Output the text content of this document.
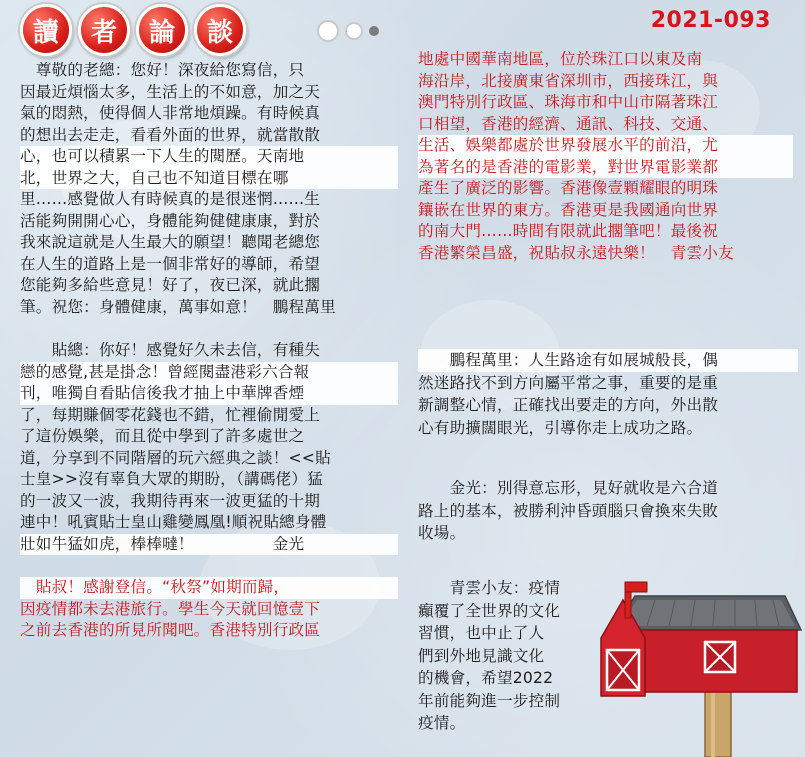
讀	者	論	談	2021-093
　尊敬的老總：您好！深夜給您寫信，只
因最近煩惱太多，生活上的不如意，加之天
氣的悶熱，使得個人非常地煩躁。有時候真
的想出去走走，看看外面的世界，就當散散
心，也可以積累一下人生的閱歷。天南地
北，世界之大，自己也不知道目標在哪
里……感覺做人有時候真的是很迷惘……生
活能夠開開心心，身體能夠健健康康，對於
我來說這就是人生最大的願望！聽聞老總您
在人生的道路上是一個非常好的導師，希望
您能夠多給些意見！好了，夜已深，就此擱
筆。祝您：身體健康，萬事如意！　鵬程萬里
　　貼總：你好！感覺好久未去信，有種失
戀的感覺,甚是掛念！曾經閱盡港彩六合報
刊，唯獨自看貼信後我才抽上中華牌香煙
了，每期賺個零花錢也不錯，忙裡偷閒愛上
了這份娛樂，而且從中學到了許多處世之
道，分享到不同階層的玩六經典之談！<<貼
士皇>>沒有辜負大眾的期盼，（講碼佬）猛
的一波又一波，我期待再來一波更猛的十期
連中！吼賓貼士皇山雞變鳳凰!順祝貼總身體
壯如牛猛如虎，棒棒噠！　　　　　金光
　貼叔！感謝登信。“秋祭”如期而歸，
因疫情都未去港旅行。學生今天就回憶壹下
之前去香港的所見所聞吧。香港特別行政區
地處中國華南地區，位於珠江口以東及南
海沿岸，北接廣東省深圳市，西接珠江，與
澳門特別行政區、珠海市和中山市隔著珠江
口相望，香港的經濟、通訊、科技、交通、
生活、娛樂都處於世界發展水平的前沿，尤
為著名的是香港的電影業，對世界電影業都
產生了廣泛的影響。香港像壹顆耀眼的明珠
鑲嵌在世界的東方。香港更是我國通向世界
的南大門……時間有限就此擱筆吧！最後祝
香港繁榮昌盛，祝貼叔永遠快樂！　青雲小友
　　鵬程萬里：人生路途有如展城般長，偶
然迷路找不到方向屬平常之事，重要的是重
新調整心情，正確找出要走的方向，外出散
心有助擴闊眼光，引導你走上成功之路。
　　金光：別得意忘形，見好就收是六合道
路上的基本，被勝利沖昏頭腦只會換來失敗
收場。
　　青雲小友：疫情
癲覆了全世界的文化
習慣，也中止了人
們到外地見識文化
的機會，希望2022
年前能夠進一步控制
疫情。
